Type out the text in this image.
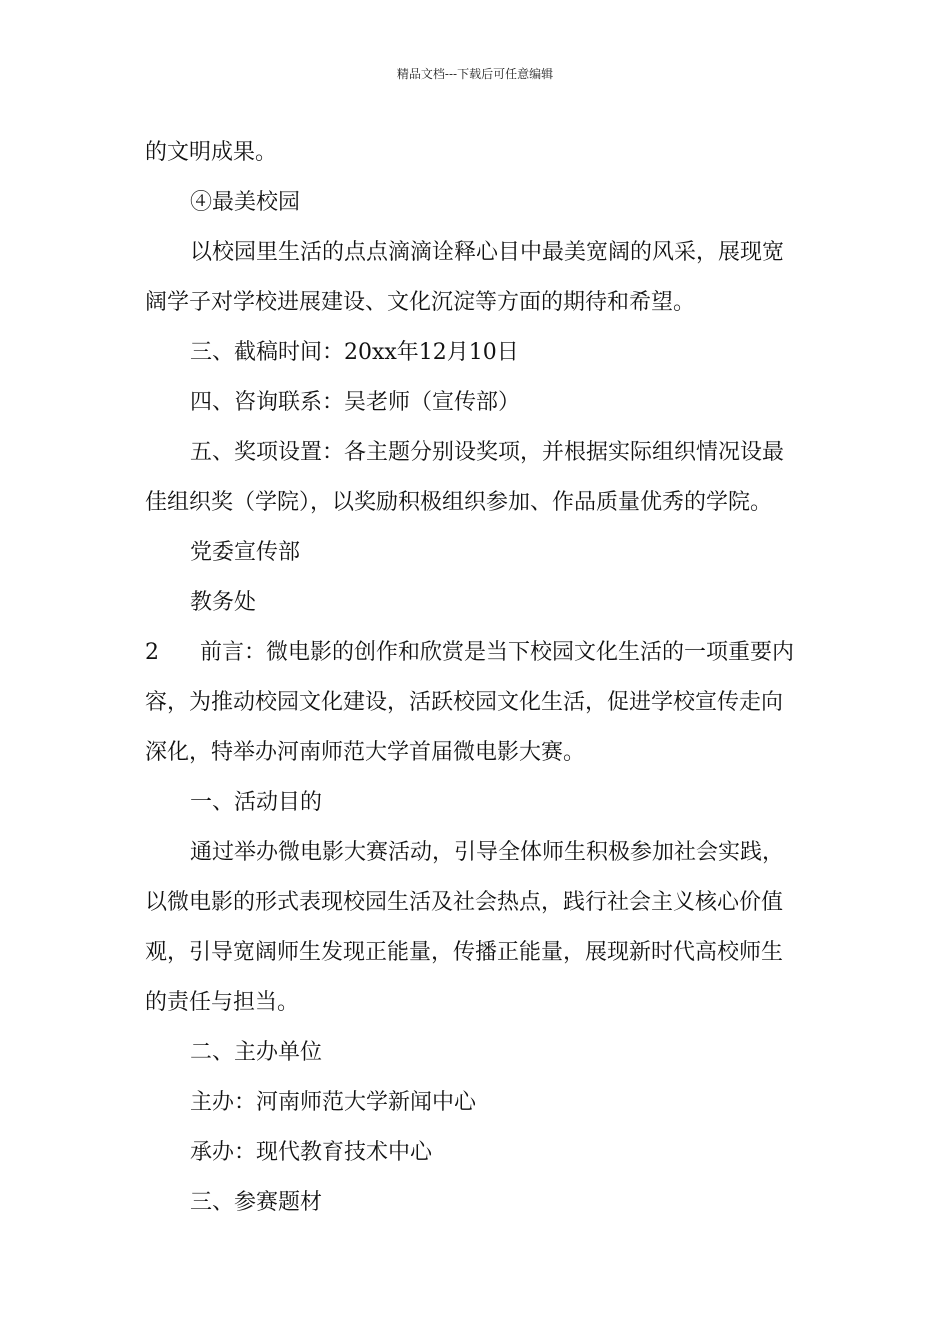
精品文档---下载后可任意编辑
的文明成果。
④最美校园
以校园里生活的点点滴滴诠释心目中最美宽阔的风采，展现宽
阔学子对学校进展建设、文化沉淀等方面的期待和希望。
三、截稿时间：20xx年12月10日
四、咨询联系：吴老师（宣传部）
五、奖项设置：各主题分别设奖项，并根据实际组织情况设最
佳组织奖（学院），以奖励积极组织参加、作品质量优秀的学院。
党委宣传部
教务处
2 前言：微电影的创作和欣赏是当下校园文化生活的一项重要内
容，为推动校园文化建设，活跃校园文化生活，促进学校宣传走向
深化，特举办河南师范大学首届微电影大赛。
一、活动目的
通过举办微电影大赛活动，引导全体师生积极参加社会实践，
以微电影的形式表现校园生活及社会热点，践行社会主义核心价值
观，引导宽阔师生发现正能量，传播正能量，展现新时代高校师生
的责任与担当。
二、主办单位
主办：河南师范大学新闻中心
承办：现代教育技术中心
三、参赛题材
